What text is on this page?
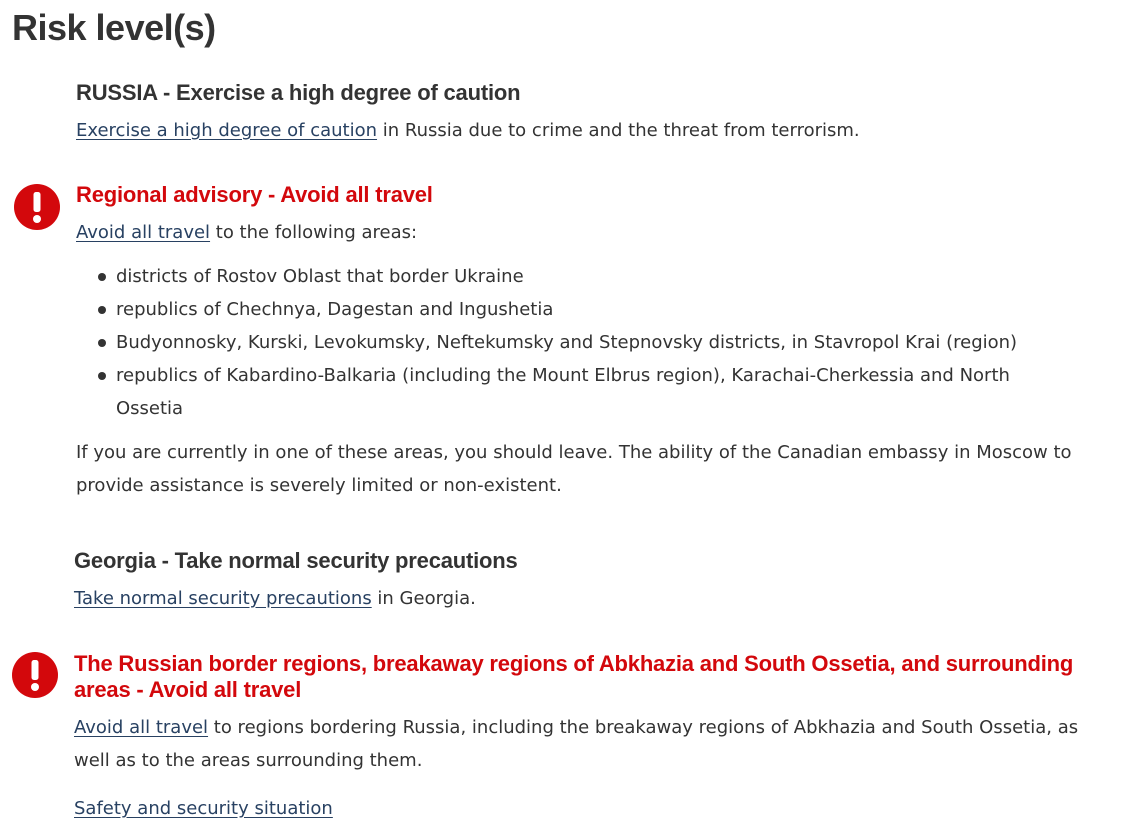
Risk level(s)
RUSSIA - Exercise a high degree of caution

Exercise a high degree of caution in Russia due to crime and the threat from terrorism.

Regional advisory - Avoid all travel

Avoid all travel to the following areas:

districts of Rostov Oblast that border Ukraine
republics of Chechnya, Dagestan and Ingushetia
Budyonnosky, Kurski, Levokumsky, Neftekumsky and Stepnovsky districts, in Stavropol Krai (region)
republics of Kabardino-Balkaria (including the Mount Elbrus region), Karachai-Cherkessia and North Ossetia

If you are currently in one of these areas, you should leave. The ability of the Canadian embassy in Moscow to provide assistance is severely limited or non-existent.

Georgia - Take normal security precautions

Take normal security precautions in Georgia.

The Russian border regions, breakaway regions of Abkhazia and South Ossetia, and surrounding areas - Avoid all travel

Avoid all travel to regions bordering Russia, including the breakaway regions of Abkhazia and South Ossetia, as well as to the areas surrounding them.

Safety and security situation
